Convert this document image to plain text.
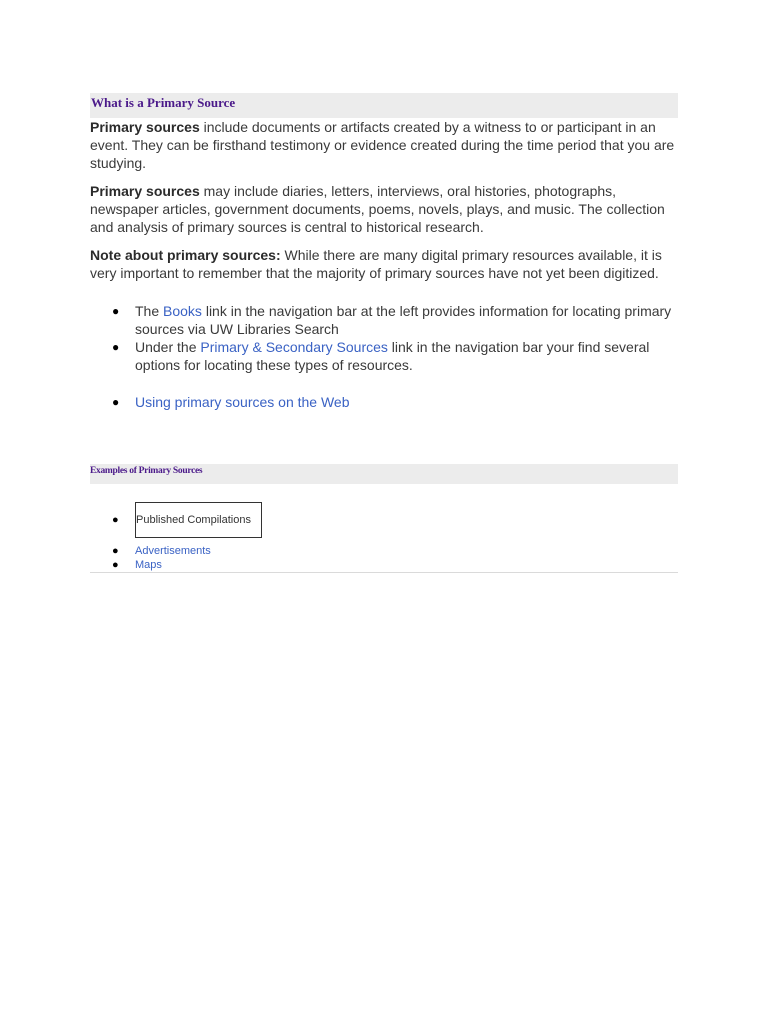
What is a Primary Source

Primary sources include documents or artifacts created by a witness to or participant in an event. They can be firsthand testimony or evidence created during the time period that you are studying.

Primary sources may include diaries, letters, interviews, oral histories, photographs, newspaper articles, government documents, poems, novels, plays, and music. The collection and analysis of primary sources is central to historical research.

Note about primary sources: While there are many digital primary resources available, it is very important to remember that the majority of primary sources have not yet been digitized.

● The Books link in the navigation bar at the left provides information for locating primary sources via UW Libraries Search
● Under the Primary & Secondary Sources link in the navigation bar your find several options for locating these types of resources.
● Using primary sources on the Web
Examples of Primary Sources
● Published Compilations
● Advertisements
● Maps
